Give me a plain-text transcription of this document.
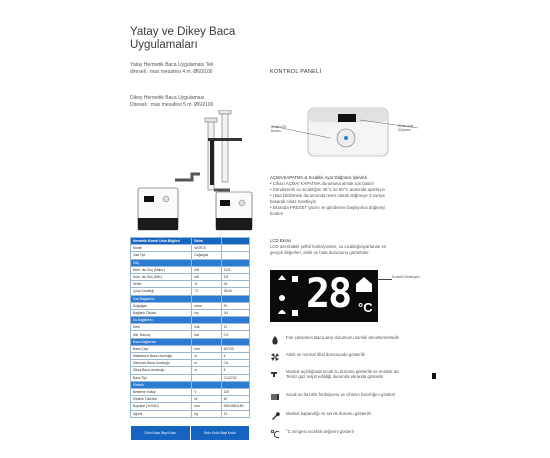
Yatay ve Dikey Baca
Uygulamaları
Yatay Hermetik Baca Uygulaması Tek
direseli : max mesafesi 4 m. Ø60/100
Dikey Hermetik Baca Uygulaması
Direseli : max mesafesi 5 m. Ø60/100
KONTROL PANELİ
Reset LED Butonu
Ekran Ayar Düğmesi
AÇMA/KAPATMA & Sıcaklık Ayar Düğmesi İşlevleri
• Cihazı AÇMA/ KAPATMA durumuna almak için basılır
• Döndürerek su sıcaklığını 35°C ile 60°C arasında ayarlayın
• Hata bildirimine durumunda reset olarak düğmeye 3 saniye
basarak cihaz resetleyin
• Ekranda PRESET yazını ve gönderme başlayınca düğmeyi
bırakın
LCD Ekran
LCD üzerindeki şeffaf fonksiyonları, su sıcaklığı/ayarlanan ve
gerçek değerleri; anlık ve hata durumunu görüntüler.
28 °C
Sıcaklık Göstergesi
Fan çalışırken Baca akış durumunu sürekli denetlemektedir
Anlık ve normal ithal durumunda gösterilir
Musluk açıldığında sıcak su durumu gösterilir ve musluk da
Temiz gaz tespit edildiği durumda ekranda gösterilir
Sıcak su hazırlık fonksiyonu ve cihazın hazırlığını gösterir
Musluk kapandığı ve servis durumu gösterilir
°C simgesi sıcaklık değerini gösterir
Hermetik Kombi Ürün Bilgileri	Birim	
Model	WOR-B	
Gaz Tipi	Doğalgaz	
Güç		
Nom. Isıl Güç (Maks.)	kW	21,8
Nom. Isıl Güç (Min.)	kW	9,8
Verim	%	93
Çıkış Sıcaklığı	°C	35-60
Gaz Bağlantısı		
Doğalgaz	mbar	20
Bağlantı Ölçüsü	inç	3/4
Su Bağlantısı		
Debi	l/dk	12
Min. Basınç	bar	0,2
Baca Bağlantısı		
Baca Çapı	mm	60/100
Maksimum Baca Uzunluğu	m	4
Minimum Baca Uzunluğu	m	0,5
Dikey Baca Uzunluğu	m	5
Baca Tipi		C12/C32
Elektrik		
Besleme Voltajı	V	220
Elektrik Tüketimi	W	40
Boyutlar (YxGxD)	mm	540x350x180
Ağırlık	kg	13
Ürün Kodu Bayi Kodu	Ürün Kodu Bayi Kodu
